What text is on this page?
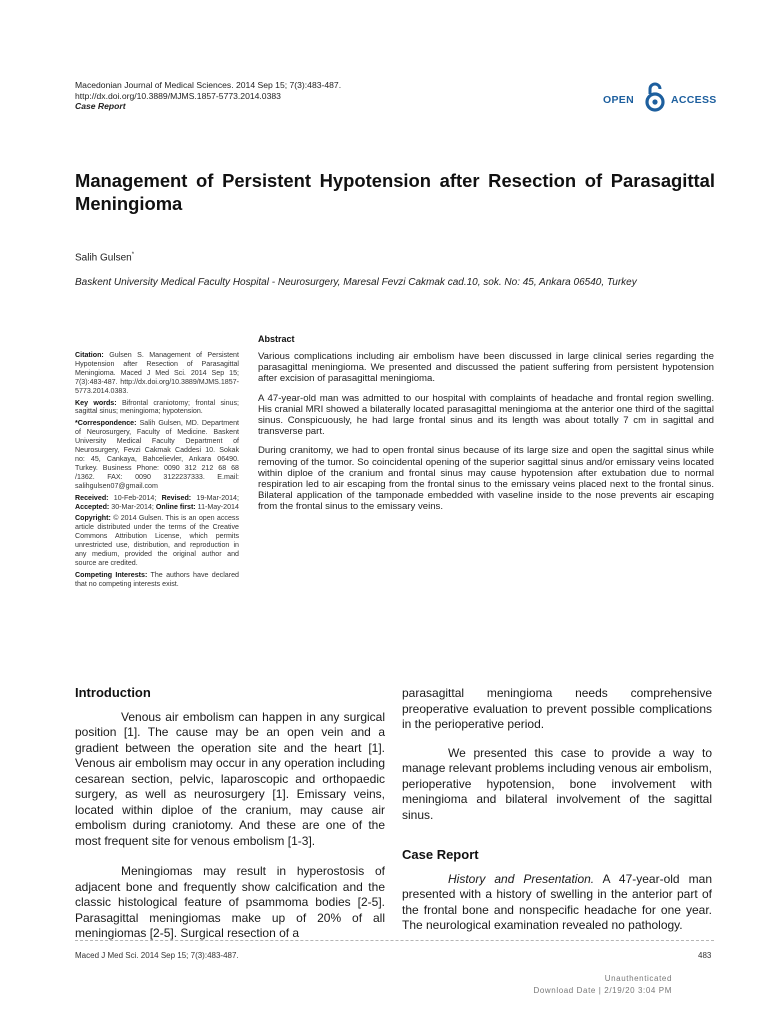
Macedonian Journal of Medical Sciences. 2014 Sep 15; 7(3):483-487.
http://dx.doi.org/10.3889/MJMS.1857-5773.2014.0383
Case Report	OPEN	ACCESS
Management of Persistent Hypotension after Resection of Parasagittal Meningioma
Salih Gulsen*
Baskent University Medical Faculty Hospital - Neurosurgery, Maresal Fevzi Cakmak cad.10, sok. No: 45, Ankara 06540, Turkey

Citation: Gulsen S. Management of Persistent Hypotension after Resection of Parasagittal Meningioma. Maced J Med Sci. 2014 Sep 15; 7(3):483-487. http://dx.doi.org/10.3889/MJMS.1857-5773.2014.0383.

Key words: Bifrontal craniotomy; frontal sinus; sagittal sinus; meningioma; hypotension.

*Correspondence: Salih Gulsen, MD. Department of Neurosurgery, Faculty of Medicine. Baskent University Medical Faculty Department of Neurosurgery, Fevzi Cakmak Caddesi 10. Sokak no: 45, Cankaya, Bahcelievler, Ankara 06490. Turkey. Business Phone: 0090 312 212 68 68 /1362. FAX: 0090 3122237333. E.mail: salihgulsen07@gmail.com

Received: 10-Feb-2014; Revised: 19-Mar-2014; Accepted: 30-Mar-2014; Online first: 11-May-2014

Copyright: © 2014 Gulsen. This is an open access article distributed under the terms of the Creative Commons Attribution License, which permits unrestricted use, distribution, and reproduction in any medium, provided the original author and source are credited.

Competing Interests: The authors have declared that no competing interests exist.

Abstract

Various complications including air embolism have been discussed in large clinical series regarding the parasagittal meningioma. We presented and discussed the patient suffering from persistent hypotension after excision of parasagittal meningioma.

A 47-year-old man was admitted to our hospital with complaints of headache and frontal region swelling. His cranial MRI showed a bilaterally located parasagittal meningioma at the anterior one third of the sagittal sinus. Conspicuously, he had large frontal sinus and its length was about totally 7 cm in sagittal and transverse part.

During cranitomy, we had to open frontal sinus because of its large size and open the sagittal sinus while removing of the tumor. So coincidental opening of the superior sagittal sinus and/or emissary veins located within diploe of the cranium and frontal sinus may cause hypotension after extubation due to normal respiration led to air escaping from the frontal sinus to the emissary veins placed next to the frontal sinus. Bilateral application of the tamponade embedded with vaseline inside to the nose prevents air escaping from the frontal sinus to the emissary veins.

Introduction

Venous air embolism can happen in any surgical position [1]. The cause may be an open vein and a gradient between the operation site and the heart [1]. Venous air embolism may occur in any operation including cesarean section, pelvic, laparoscopic and orthopaedic surgery, as well as neurosurgery [1]. Emissary veins, located within diploe of the cranium, may cause air embolism during craniotomy. And these are one of the most frequent site for venous embolism [1-3].

Meningiomas may result in hyperostosis of adjacent bone and frequently show calcification and the classic histological feature of psammoma bodies [2-5]. Parasagittal meningiomas make up of 20% of all meningiomas [2-5]. Surgical resection of a

parasagittal meningioma needs comprehensive preoperative evaluation to prevent possible complications in the perioperative period.

We presented this case to provide a way to manage relevant problems including venous air embolism, perioperative hypotension, bone involvement with meningioma and bilateral involvement of the sagittal sinus.

Case Report

History and Presentation. A 47-year-old man presented with a history of swelling in the anterior part of the frontal bone and nonspecific headache for one year. The neurological examination revealed no pathology.

Maced J Med Sci. 2014 Sep 15; 7(3):483-487.	483
Unauthenticated
Download Date | 2/19/20 3:04 PM
